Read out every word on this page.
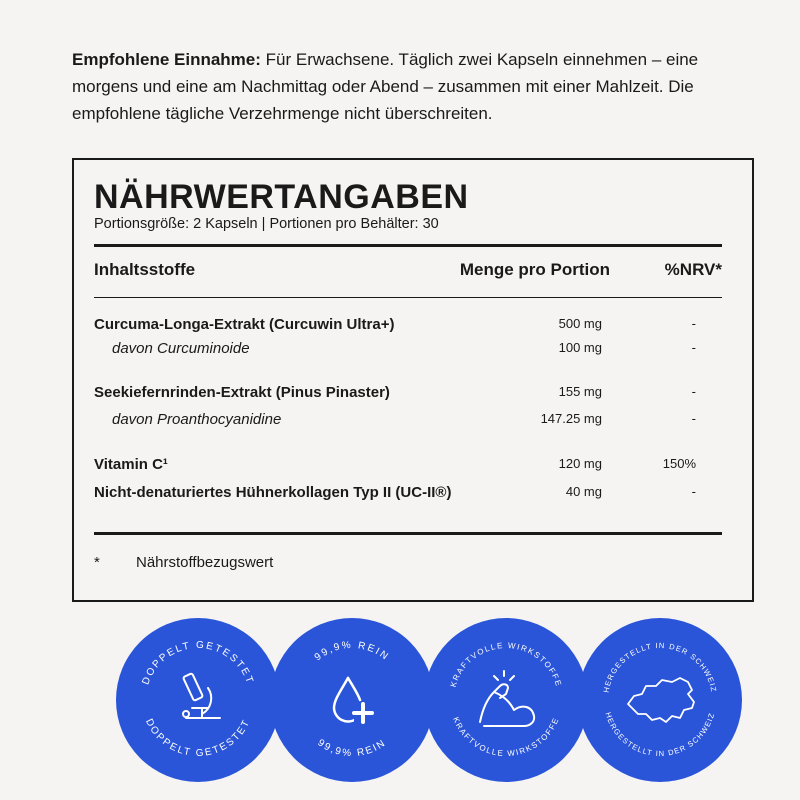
Empfohlene Einnahme: Für Erwachsene. Täglich zwei Kapseln einnehmen – eine morgens und eine am Nachmittag oder Abend – zusammen mit einer Mahlzeit. Die empfohlene tägliche Verzehrmenge nicht überschreiten.

NÄHRWERTANGABEN
Portionsgröße: 2 Kapseln | Portionen pro Behälter: 30
Inhaltsstoffe	Menge pro Portion	%NRV*
Curcuma-Longa-Extrakt (Curcuwin Ultra+)	500 mg	-
davon Curcuminoide	100 mg	-
Seekiefernrinden-Extrakt (Pinus Pinaster)	155 mg	-
davon Proanthocyanidine	147.25 mg	-
Vitamin C¹	120 mg	150%
Nicht-denaturiertes Hühnerkollagen Typ II (UC-II®)	40 mg	-
* Nährstoffbezugswert
DOPPELT GETESTET
DOPPELT GETESTET
99,9% REIN
99,9% REIN
KRAFTVOLLE WIRKSTOFFE
KRAFTVOLLE WIRKSTOFFE
HERGESTELLT IN DER SCHWEIZ
HERGESTELLT IN DER SCHWEIZ
